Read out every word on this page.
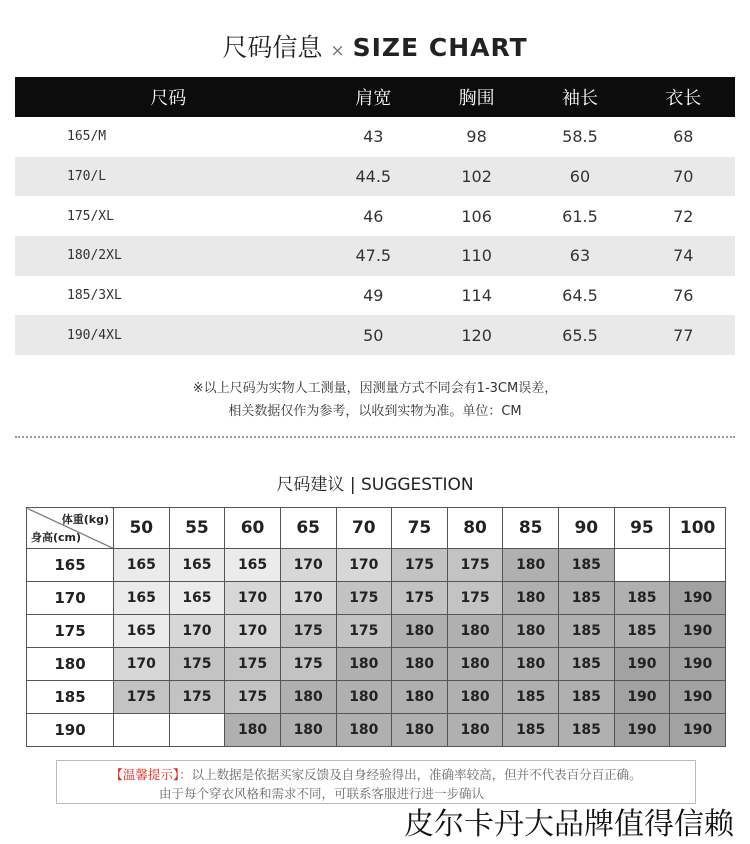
尺码信息 × SIZE CHART
尺码	肩宽	胸围	袖长	衣长
165/M	43	98	58.5	68
170/L	44.5	102	60	70
175/XL	46	106	61.5	72
180/2XL	47.5	110	63	74
185/3XL	49	114	64.5	76
190/4XL	50	120	65.5	77
※以上尺码为实物人工测量，因测量方式不同会有1-3CM误差，
相关数据仅作为参考，以收到实物为准。单位：CM
尺码建议 | SUGGESTION
体重(kg)
身高(cm)	50	55	60	65	70	75	80	85	90	95	100
165	165	165	165	170	170	175	175	180	185		
170	165	165	170	170	175	175	175	180	185	185	190
175	165	170	170	175	175	180	180	180	185	185	190
180	170	175	175	175	180	180	180	180	185	190	190
185	175	175	175	180	180	180	180	185	185	190	190
190			180	180	180	180	180	185	185	190	190
【温馨提示】：以上数据是依据买家反馈及自身经验得出，准确率较高，但并不代表百分百正确。
由于每个穿衣风格和需求不同，可联系客服进行进一步确认
皮尔卡丹大品牌值得信赖
